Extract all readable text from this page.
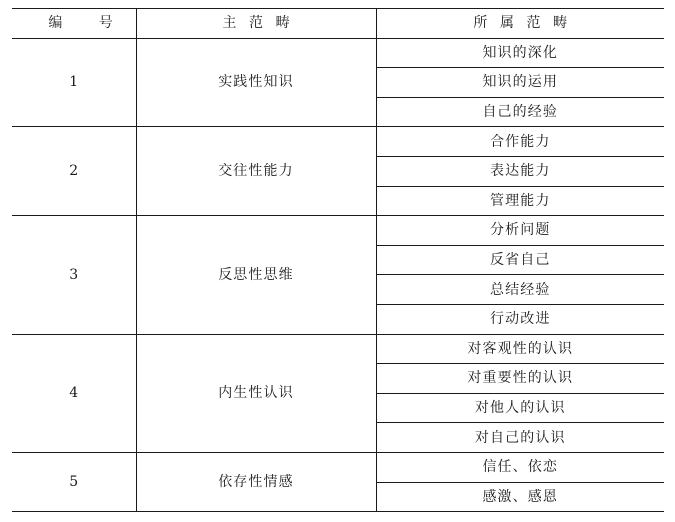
编号	主范畴	所属范畴
1	实践性知识	知识的深化
		知识的运用
		自己的经验
2	交往性能力	合作能力
		表达能力
		管理能力
3	反思性思维	分析问题
		反省自己
		总结经验
		行动改进
4	内生性认识	对客观性的认识
		对重要性的认识
		对他人的认识
		对自己的认识
5	依存性情感	信任、依恋
		感激、感恩
